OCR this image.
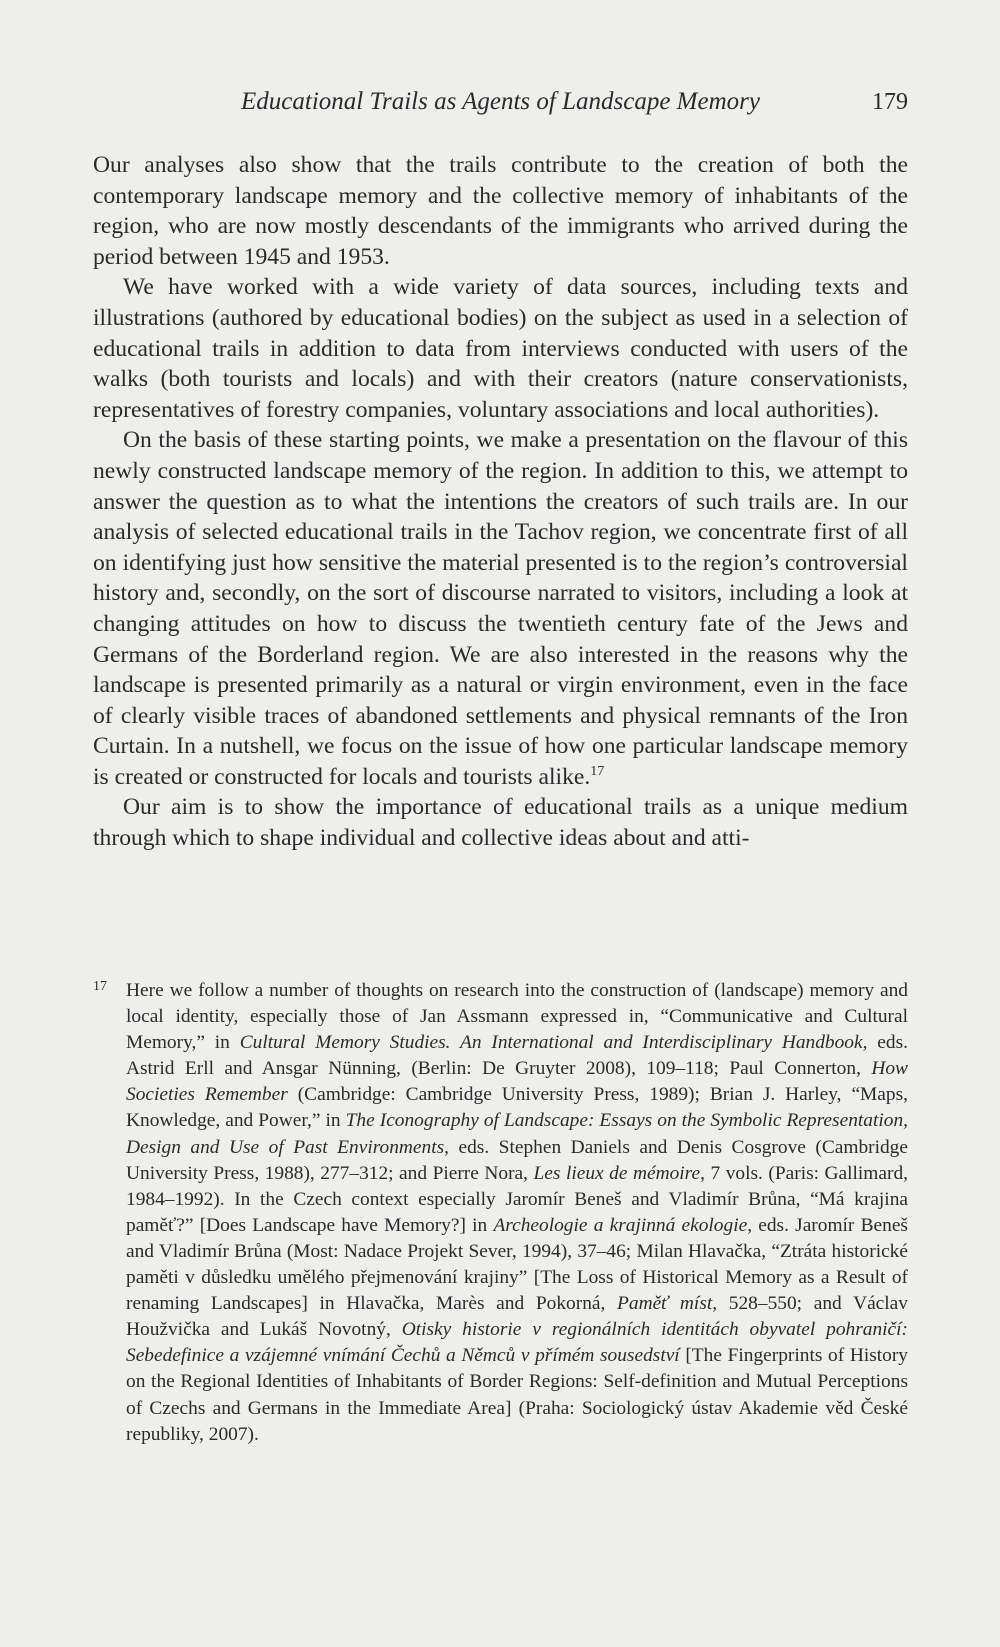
Educational Trails as Agents of Landscape Memory	179

Our analyses also show that the trails contribute to the creation of both the contemporary landscape memory and the collective memory of inhabitants of the region, who are now mostly descendants of the immigrants who arrived during the period between 1945 and 1953.

We have worked with a wide variety of data sources, including texts and illustrations (authored by educational bodies) on the subject as used in a selection of educational trails in addition to data from interviews conducted with users of the walks (both tourists and locals) and with their creators (nature conservationists, representatives of forestry companies, voluntary associations and local authorities).

On the basis of these starting points, we make a presentation on the flavour of this newly constructed landscape memory of the region. In addition to this, we attempt to answer the question as to what the intentions the creators of such trails are. In our analysis of selected educational trails in the Tachov region, we concentrate first of all on identifying just how sensitive the material presented is to the region’s controversial history and, secondly, on the sort of discourse narrated to visitors, including a look at changing attitudes on how to discuss the twentieth century fate of the Jews and Germans of the Borderland region. We are also interested in the reasons why the landscape is presented primarily as a natural or virgin environment, even in the face of clearly visible traces of abandoned settlements and physical remnants of the Iron Curtain. In a nutshell, we focus on the issue of how one particular landscape memory is created or constructed for locals and tourists alike.$^{17}$

Our aim is to show the importance of educational trails as a unique medium through which to shape individual and collective ideas about and atti-

17 Here we follow a number of thoughts on research into the construction of (landscape) memory and local identity, especially those of Jan Assmann expressed in, “Communicative and Cultural Memory,” in Cultural Memory Studies. An International and Interdisciplinary Handbook, eds. Astrid Erll and Ansgar Nünning, (Berlin: De Gruyter 2008), 109–118; Paul Connerton, How Societies Remember (Cambridge: Cambridge University Press, 1989); Brian J. Harley, “Maps, Knowledge, and Power,” in The Iconography of Landscape: Essays on the Symbolic Representation, Design and Use of Past Environments, eds. Stephen Daniels and Denis Cosgrove (Cambridge University Press, 1988), 277–312; and Pierre Nora, Les lieux de mémoire, 7 vols. (Paris: Gallimard, 1984–1992). In the Czech context especially Jaromír Beneš and Vladimír Brůna, “Má krajina paměť?” [Does Landscape have Memory?] in Archeologie a krajinná ekologie, eds. Jaromír Beneš and Vladimír Brůna (Most: Nadace Projekt Sever, 1994), 37–46; Milan Hlavačka, “Ztráta historické paměti v důsledku umělého přejmenování krajiny” [The Loss of Historical Memory as a Result of renaming Landscapes] in Hlavačka, Marès and Pokorná, Paměť míst, 528–550; and Václav Houžvička and Lukáš Novotný, Otisky historie v regionálních identitách obyvatel pohraničí: Sebedefinice a vzájemné vnímání Čechů a Němců v přímém sousedství [The Fingerprints of History on the Regional Identities of Inhabitants of Border Regions: Self-definition and Mutual Perceptions of Czechs and Germans in the Immediate Area] (Praha: Sociologický ústav Akademie věd České republiky, 2007).
